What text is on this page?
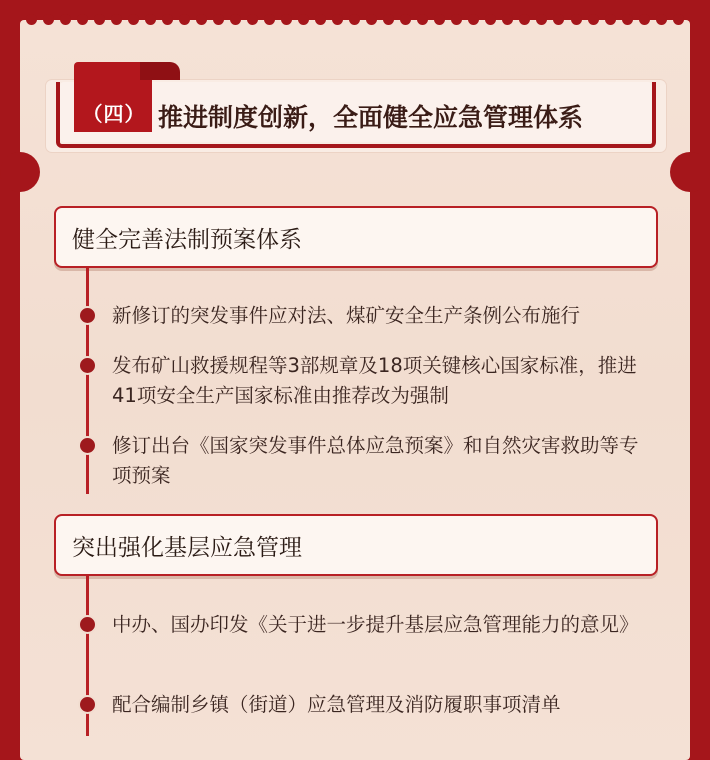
（四） 推进制度创新，全面健全应急管理体系
健全完善法制预案体系
新修订的突发事件应对法、煤矿安全生产条例公布施行
发布矿山救援规程等3部规章及18项关键核心国家标准，推进41项安全生产国家标准由推荐改为强制
修订出台《国家突发事件总体应急预案》和自然灾害救助等专项预案
突出强化基层应急管理
中办、国办印发《关于进一步提升基层应急管理能力的意见》
配合编制乡镇（街道）应急管理及消防履职事项清单
